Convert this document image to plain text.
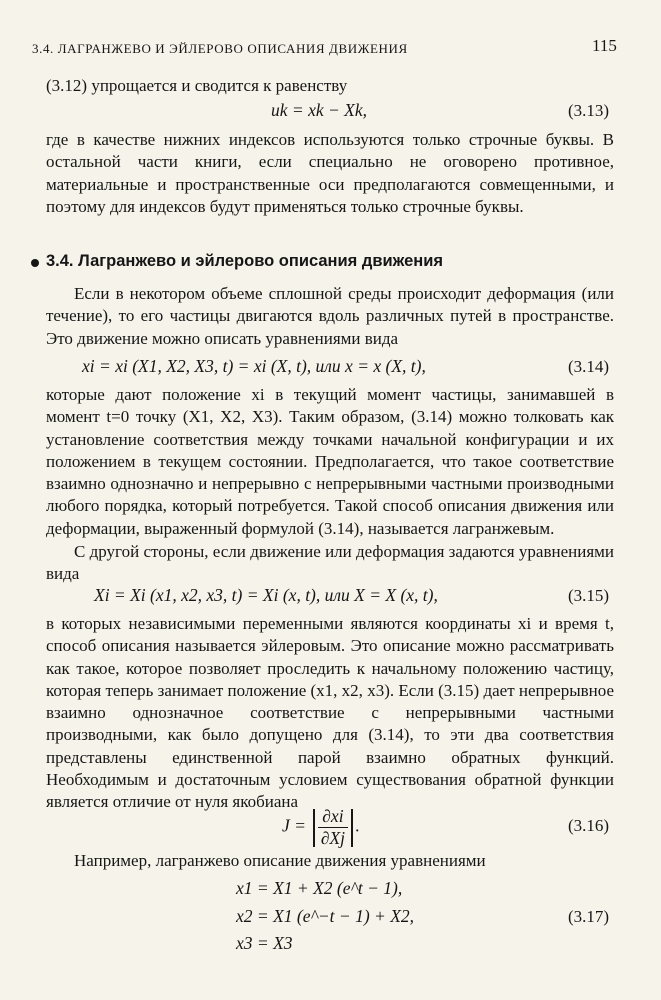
3.4. ЛАГРАНЖЕВО И ЭЙЛЕРОВО ОПИСАНИЯ ДВИЖЕНИЯ	115
(3.12) упрощается и сводится к равенству
uk = xk − Xk,	(3.13)
где в качестве нижних индексов используются только строчные буквы. В остальной части книги, если специально не оговорено противное, материальные и пространственные оси предполагаются совмещенными, и поэтому для индексов будут применяться только строчные буквы.
3.4. Лагранжево и эйлерово описания движения
Если в некотором объеме сплошной среды происходит деформация (или течение), то его частицы двигаются вдоль различных путей в пространстве. Это движение можно описать уравнениями вида
xi = xi (X1, X2, X3, t) = xi (X, t), или x = x (X, t),	(3.14)
которые дают положение xi в текущий момент частицы, занимавшей в момент t=0 точку (X1, X2, X3). Таким образом, (3.14) можно толковать как установление соответствия между точками начальной конфигурации и их положением в текущем состоянии. Предполагается, что такое соответствие взаимно однозначно и непрерывно с непрерывными частными производными любого порядка, который потребуется. Такой способ описания движения или деформации, выраженный формулой (3.14), называется лагранжевым.
С другой стороны, если движение или деформация задаются уравнениями вида
Xi = Xi (x1, x2, x3, t) = Xi (x, t), или X = X (x, t),	(3.15)
в которых независимыми переменными являются координаты xi и время t, способ описания называется эйлеровым. Это описание можно рассматривать как такое, которое позволяет проследить к начальному положению частицу, которая теперь занимает положение (x1, x2, x3). Если (3.15) дает непрерывное взаимно однозначное соответствие с непрерывными частными производными, как было допущено для (3.14), то эти два соответствия представлены единственной парой взаимно обратных функций. Необходимым и достаточным условием существования обратной функции является отличие от нуля якобиана
$J = \frac{\partial xi}{\partial Xj}$ .	(3.16)
Например, лагранжево описание движения уравнениями
x1 = X1 + X2 (e^t − 1),
x2 = X1 (e^−t − 1) + X2,
x3 = X3
(3.17)
